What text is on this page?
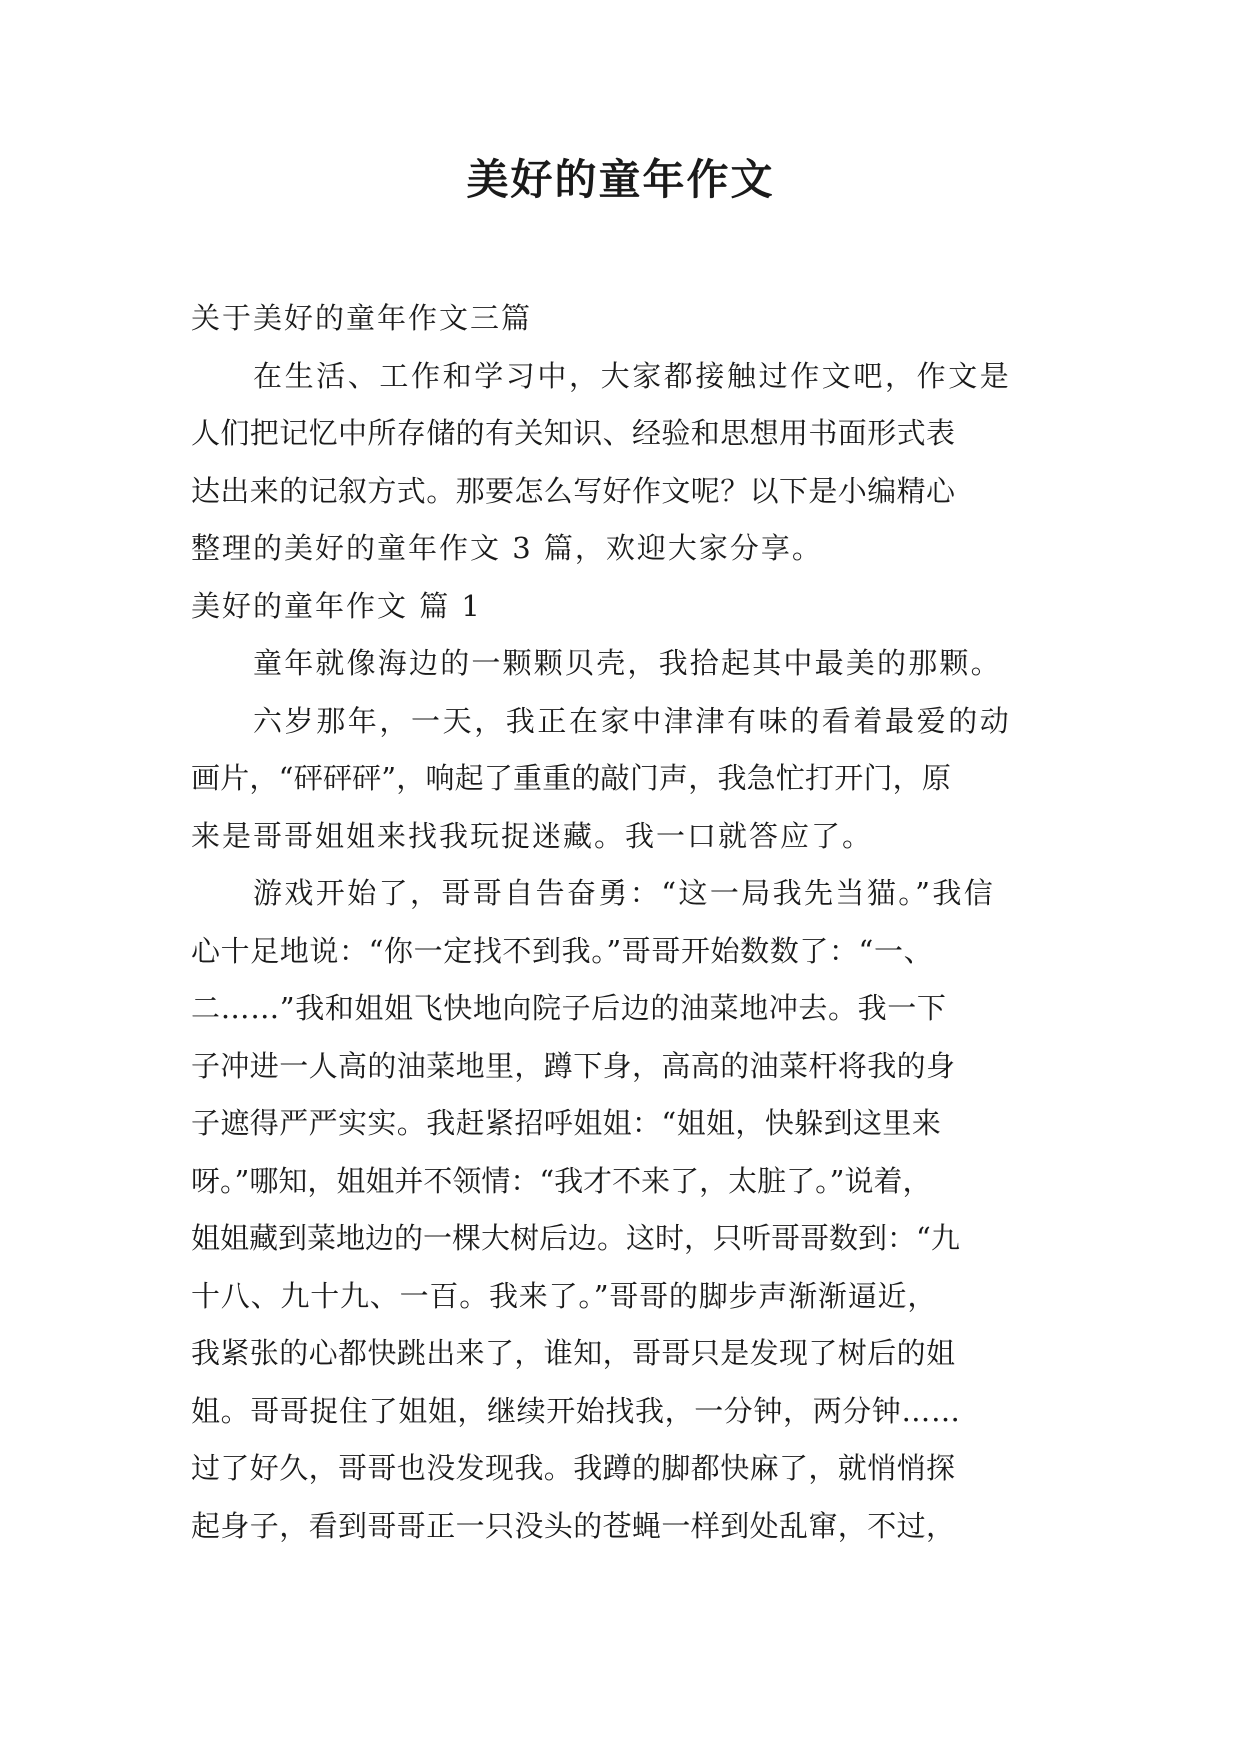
美好的童年作文
关于美好的童年作文三篇
在生活、工作和学习中，大家都接触过作文吧，作文是
人们把记忆中所存储的有关知识、经验和思想用书面形式表
达出来的记叙方式。那要怎么写好作文呢？以下是小编精心
整理的美好的童年作文 3 篇，欢迎大家分享。
美好的童年作文 篇 1
童年就像海边的一颗颗贝壳，我拾起其中最美的那颗。
六岁那年，一天，我正在家中津津有味的看着最爱的动
画片，“砰砰砰”，响起了重重的敲门声，我急忙打开门，原
来是哥哥姐姐来找我玩捉迷藏。我一口就答应了。
游戏开始了，哥哥自告奋勇：“这一局我先当猫。”我信
心十足地说：“你一定找不到我。”哥哥开始数数了：“一、
二……”我和姐姐飞快地向院子后边的油菜地冲去。我一下
子冲进一人高的油菜地里，蹲下身，高高的油菜杆将我的身
子遮得严严实实。我赶紧招呼姐姐：“姐姐，快躲到这里来
呀。”哪知，姐姐并不领情：“我才不来了，太脏了。”说着，
姐姐藏到菜地边的一棵大树后边。这时，只听哥哥数到：“九
十八、九十九、一百。我来了。”哥哥的脚步声渐渐逼近，
我紧张的心都快跳出来了，谁知，哥哥只是发现了树后的姐
姐。哥哥捉住了姐姐，继续开始找我，一分钟，两分钟……
过了好久，哥哥也没发现我。我蹲的脚都快麻了，就悄悄探
起身子，看到哥哥正一只没头的苍蝇一样到处乱窜，不过，
